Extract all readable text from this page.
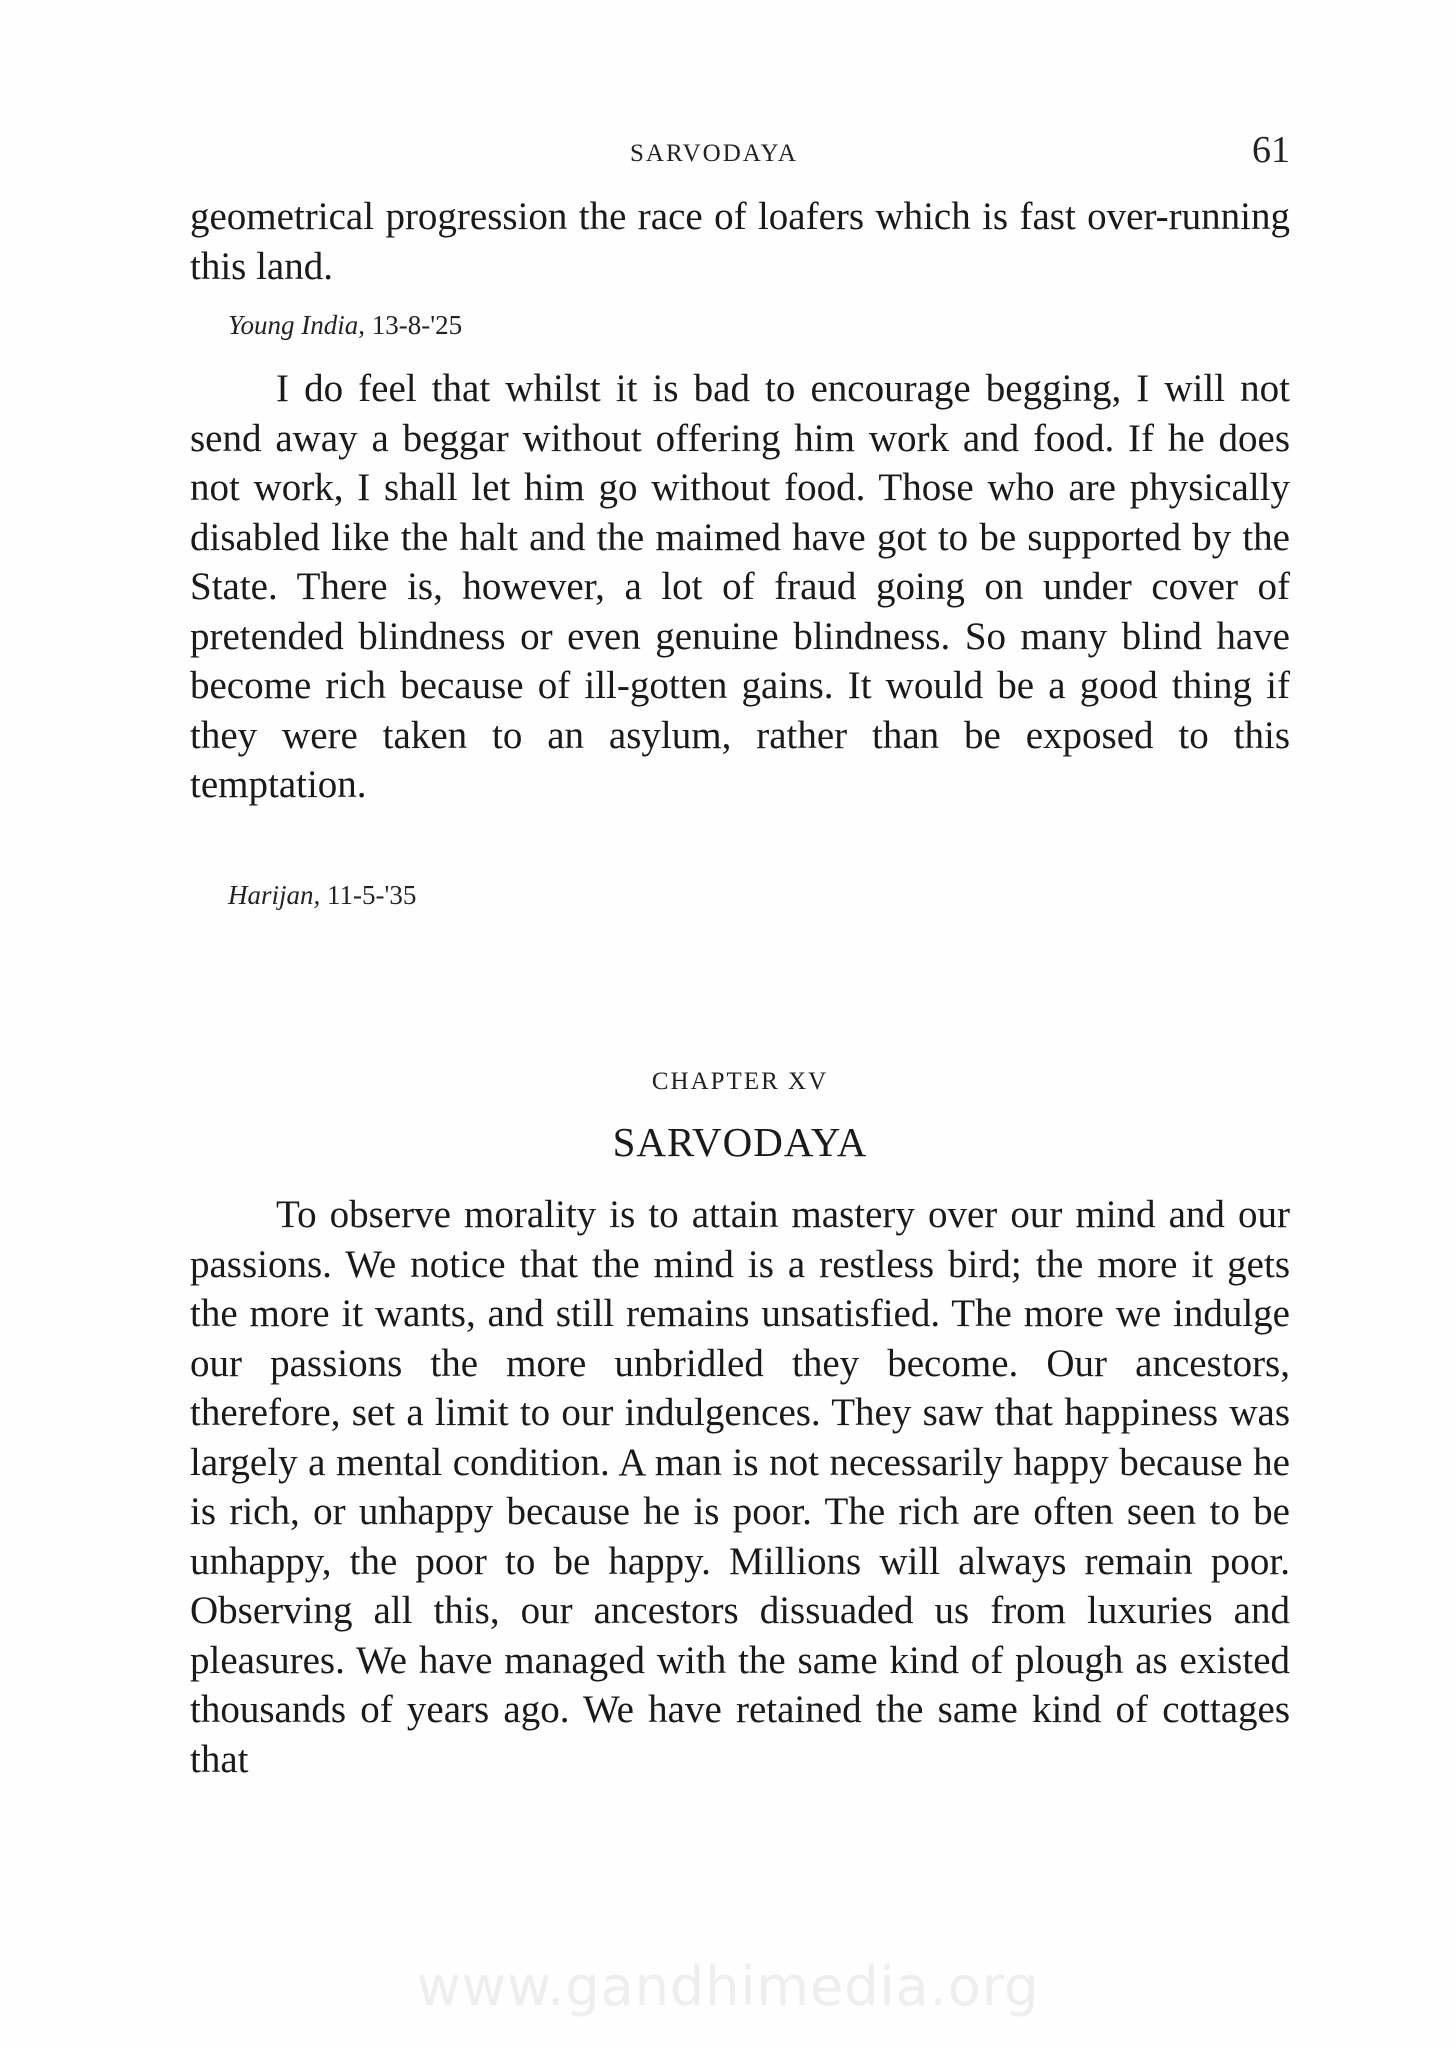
SARVODAYA	61

geometrical progression the race of loafers which is fast over-running this land.

Young India, 13-8-'25

I do feel that whilst it is bad to encourage begging, I will not send away a beggar without offering him work and food. If he does not work, I shall let him go without food. Those who are physically disabled like the halt and the maimed have got to be supported by the State. There is, however, a lot of fraud going on under cover of pretended blindness or even genuine blindness. So many blind have become rich because of ill-gotten gains. It would be a good thing if they were taken to an asylum, rather than be exposed to this temptation.

Harijan, 11-5-'35
CHAPTER XV
SARVODAYA

To observe morality is to attain mastery over our mind and our passions. We notice that the mind is a restless bird; the more it gets the more it wants, and still remains unsatisfied. The more we indulge our passions the more unbridled they become. Our ancestors, therefore, set a limit to our indulgences. They saw that happiness was largely a mental condition. A man is not necessarily happy because he is rich, or unhappy because he is poor. The rich are often seen to be unhappy, the poor to be happy. Millions will always remain poor. Observing all this, our ancestors dissuaded us from luxuries and pleasures. We have managed with the same kind of plough as existed thousands of years ago. We have retained the same kind of cottages that

www.gandhimedia.org
